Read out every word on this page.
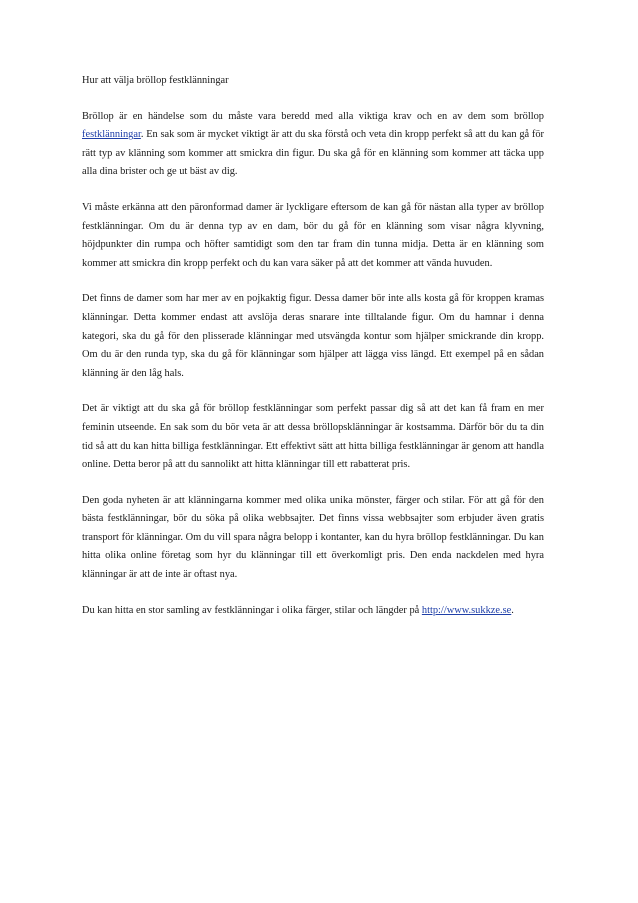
Hur att välja bröllop festklänningar

Bröllop är en händelse som du måste vara beredd med alla viktiga krav och en av dem som bröllop festklänningar. En sak som är mycket viktigt är att du ska förstå och veta din kropp perfekt så att du kan gå för rätt typ av klänning som kommer att smickra din figur. Du ska gå för en klänning som kommer att täcka upp alla dina brister och ge ut bäst av dig.

Vi måste erkänna att den päronformad damer är lyckligare eftersom de kan gå för nästan alla typer av bröllop festklänningar. Om du är denna typ av en dam, bör du gå för en klänning som visar några klyvning, höjdpunkter din rumpa och höfter samtidigt som den tar fram din tunna midja. Detta är en klänning som kommer att smickra din kropp perfekt och du kan vara säker på att det kommer att vända huvuden.

Det finns de damer som har mer av en pojkaktig figur. Dessa damer bör inte alls kosta gå för kroppen kramas klänningar. Detta kommer endast att avslöja deras snarare inte tilltalande figur. Om du hamnar i denna kategori, ska du gå för den plisserade klänningar med utsvängda kontur som hjälper smickrande din kropp. Om du är den runda typ, ska du gå för klänningar som hjälper att lägga viss längd. Ett exempel på en sådan klänning är den låg hals.

Det är viktigt att du ska gå för bröllop festklänningar som perfekt passar dig så att det kan få fram en mer feminin utseende. En sak som du bör veta är att dessa bröllopsklänningar är kostsamma. Därför bör du ta din tid så att du kan hitta billiga festklänningar. Ett effektivt sätt att hitta billiga festklänningar är genom att handla online. Detta beror på att du sannolikt att hitta klänningar till ett rabatterat pris.

Den goda nyheten är att klänningarna kommer med olika unika mönster, färger och stilar. För att gå för den bästa festklänningar, bör du söka på olika webbsajter. Det finns vissa webbsajter som erbjuder även gratis transport för klänningar. Om du vill spara några belopp i kontanter, kan du hyra bröllop festklänningar. Du kan hitta olika online företag som hyr du klänningar till ett överkomligt pris. Den enda nackdelen med hyra klänningar är att de inte är oftast nya.

Du kan hitta en stor samling av festklänningar i olika färger, stilar och längder på http://www.sukkze.se.
